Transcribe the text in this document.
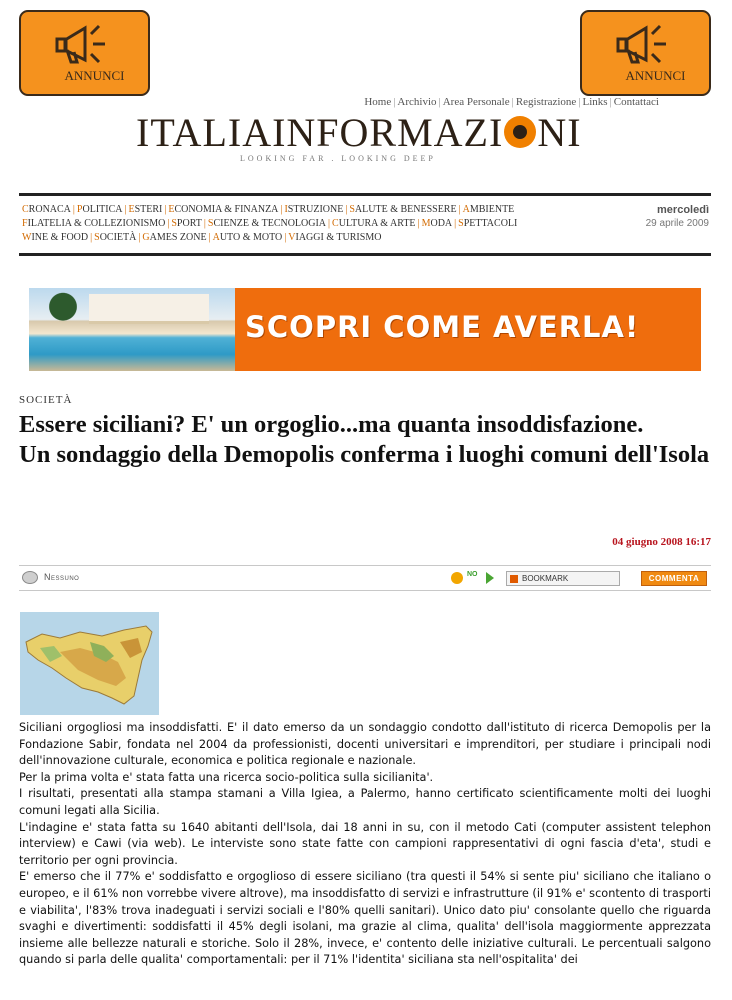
ANNUNCI	ANNUNCI
Home | Archivio | Area Personale | Registrazione | Links | Contattaci
ITALIAINFORMAZI NI
LOOKING FAR . LOOKING DEEP
CRONACA | POLITICA | ESTERI | ECONOMIA & FINANZA | ISTRUZIONE | SALUTE & BENESSERE | AMBIENTE
FILATELIA & COLLEZIONISMO | SPORT | SCIENZE & TECNOLOGIA | CULTURA & ARTE | MODA | SPETTACOLI
WINE & FOOD | SOCIETÀ | GAMES ZONE | AUTO & MOTO | VIAGGI & TURISMO
mercoledì
29 aprile 2009
SCOPRI COME AVERLA!
SOCIETÀ
Essere siciliani? E' un orgoglio...ma quanta insoddisfazione.
Un sondaggio della Demopolis conferma i luoghi comuni dell'Isola
04 giugno 2008 16:17
Nessuno	NO	BOOKMARK	COMMENTA

Siciliani orgogliosi ma insoddisfatti. E' il dato emerso da un sondaggio condotto dall'istituto di ricerca Demopolis per la Fondazione Sabir, fondata nel 2004 da professionisti, docenti universitari e imprenditori, per studiare i principali nodi dell'innovazione culturale, economica e politica regionale e nazionale.

Per la prima volta e' stata fatta una ricerca socio-politica sulla sicilianita'.

I risultati, presentati alla stampa stamani a Villa Igiea, a Palermo, hanno certificato scientificamente molti dei luoghi comuni legati alla Sicilia.

L'indagine e' stata fatta su 1640 abitanti dell'Isola, dai 18 anni in su, con il metodo Cati (computer assistent telephon interview) e Cawi (via web). Le interviste sono state fatte con campioni rappresentativi di ogni fascia d'eta', studi e territorio per ogni provincia.

E' emerso che il 77% e' soddisfatto e orgoglioso di essere siciliano (tra questi il 54% si sente piu' siciliano che italiano o europeo, e il 61% non vorrebbe vivere altrove), ma insoddisfatto di servizi e infrastrutture (il 91% e' scontento di trasporti e viabilita', l'83% trova inadeguati i servizi sociali e l'80% quelli sanitari). Unico dato piu' consolante quello che riguarda svaghi e divertimenti: soddisfatti il 45% degli isolani, ma grazie al clima, qualita' dell'isola maggiormente apprezzata insieme alle bellezze naturali e storiche. Solo il 28%, invece, e' contento delle iniziative culturali. Le percentuali salgono quando si parla delle qualita' comportamentali: per il 71% l'identita' siciliana sta nell'ospitalita' dei
